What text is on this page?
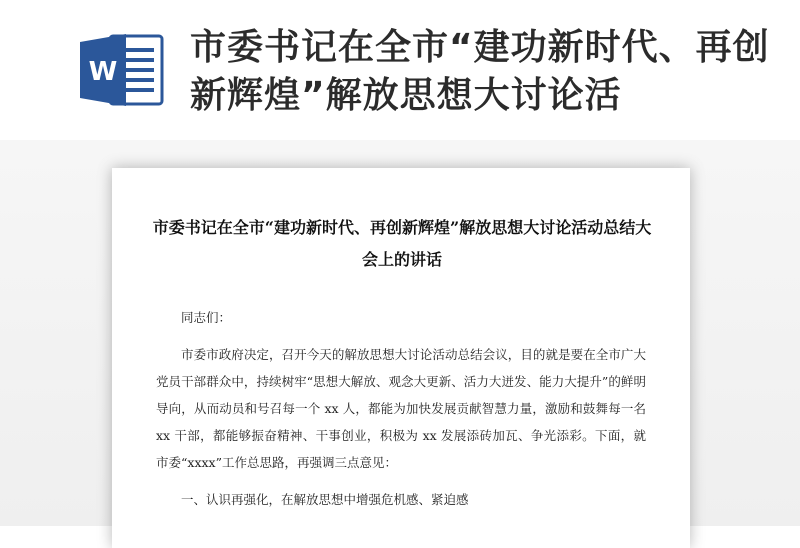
W
市委书记在全市“建功新时代、再创新辉煌”解放思想大讨论活
市委书记在全市“建功新时代、再创新辉煌”解放思想大讨论活动总结大会上的讲话

同志们：

市委市政府决定，召开今天的解放思想大讨论活动总结会议，目的就是要在全市广大党员干部群众中，持续树牢“思想大解放、观念大更新、活力大迸发、能力大提升”的鲜明导向，从而动员和号召每一个 xx 人，都能为加快发展贡献智慧力量，激励和鼓舞每一名 xx 干部，都能够振奋精神、干事创业，积极为 xx 发展添砖加瓦、争光添彩。下面，就市委“xxxx”工作总思路，再强调三点意见：

一、认识再强化，在解放思想中增强危机感、紧迫感
